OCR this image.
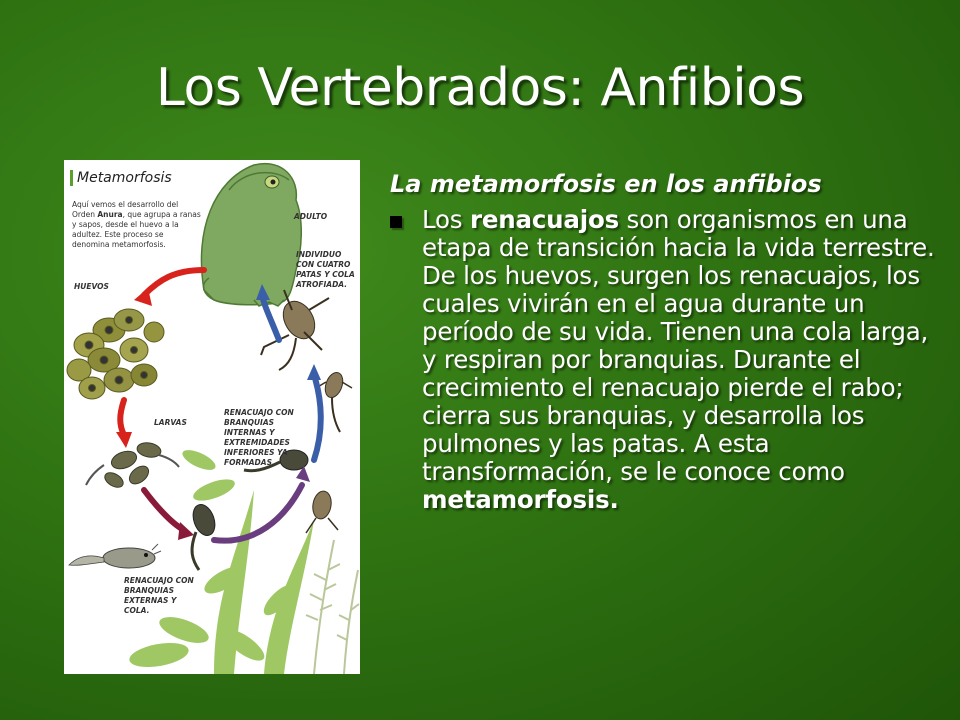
Los Vertebrados: Anfibios
Metamorfosis
Aquí vemos el desarrollo del Orden Anura, que agrupa a ranas y sapos, desde el huevo a la adultez. Este proceso se denomina metamorfosis.
ADULTO
INDIVIDUO CON CUATRO PATAS Y COLA ATROFIADA.
HUEVOS
LARVAS
RENACUAJO CON BRANQUIAS INTERNAS Y EXTREMIDADES INFERIORES YA FORMADAS.
RENACUAJO CON BRANQUIAS EXTERNAS Y COLA.

La metamorfosis en los anfibios

Los renacuajos son organismos en una etapa de transición hacia la vida terrestre. De los huevos, surgen los renacuajos, los cuales vivirán en el agua durante un período de su vida. Tienen una cola larga, y respiran por branquias. Durante el crecimiento el renacuajo pierde el rabo; cierra sus branquias, y desarrolla los pulmones y las patas. A esta transformación, se le conoce como metamorfosis.
